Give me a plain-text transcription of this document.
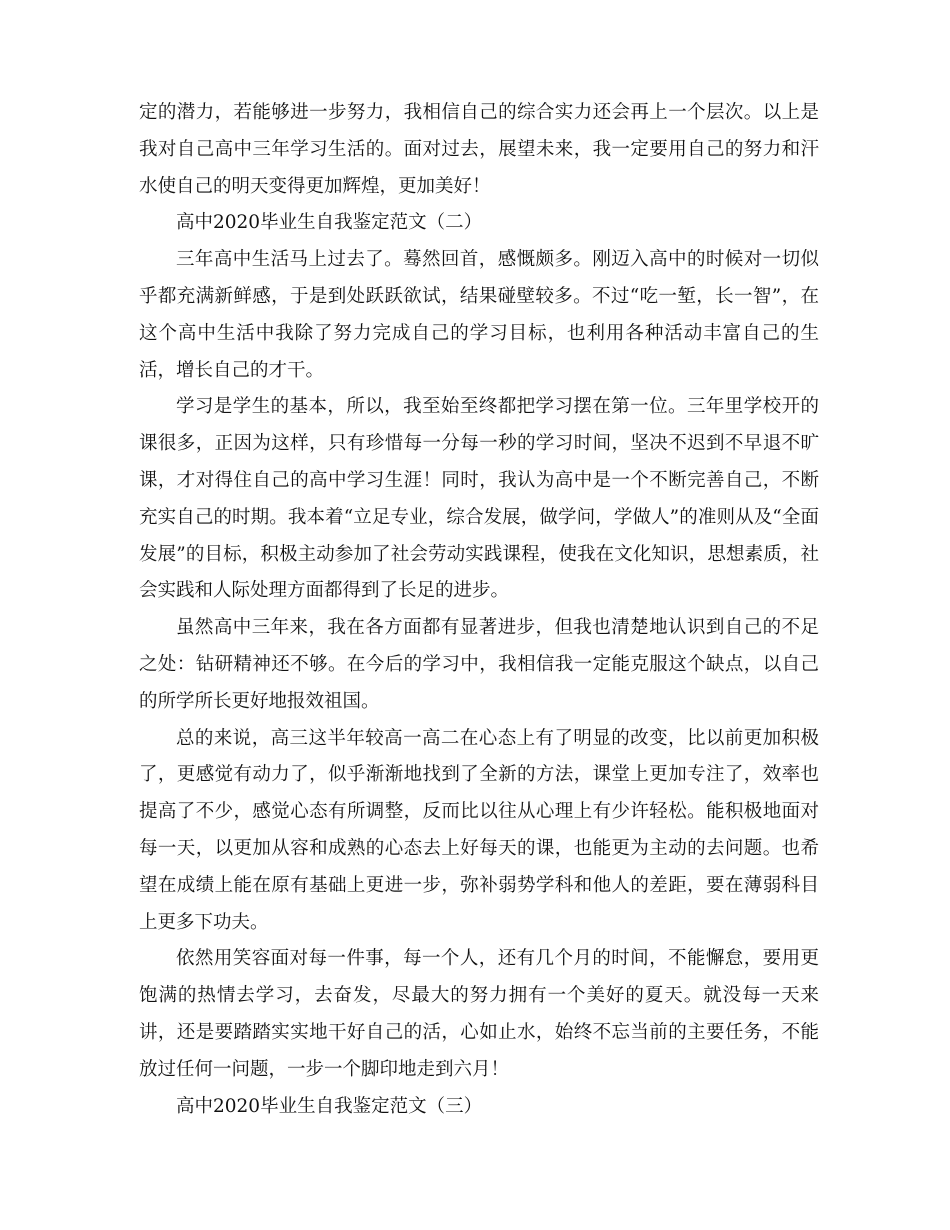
定的潜力，若能够进一步努力，我相信自己的综合实力还会再上一个层次。以上是我对自己高中三年学习生活的。面对过去，展望未来，我一定要用自己的努力和汗水使自己的明天变得更加辉煌，更加美好！

高中2020毕业生自我鉴定范文（二）

三年高中生活马上过去了。蓦然回首，感慨颇多。刚迈入高中的时候对一切似乎都充满新鲜感，于是到处跃跃欲试，结果碰壁较多。不过“吃一堑，长一智”，在这个高中生活中我除了努力完成自己的学习目标，也利用各种活动丰富自己的生活，增长自己的才干。

学习是学生的基本，所以，我至始至终都把学习摆在第一位。三年里学校开的课很多，正因为这样，只有珍惜每一分每一秒的学习时间，坚决不迟到不早退不旷课，才对得住自己的高中学习生涯！同时，我认为高中是一个不断完善自己，不断充实自己的时期。我本着“立足专业，综合发展，做学问，学做人”的准则从及“全面发展”的目标，积极主动参加了社会劳动实践课程，使我在文化知识，思想素质，社会实践和人际处理方面都得到了长足的进步。

虽然高中三年来，我在各方面都有显著进步，但我也清楚地认识到自己的不足之处：钻研精神还不够。在今后的学习中，我相信我一定能克服这个缺点，以自己的所学所长更好地报效祖国。

总的来说，高三这半年较高一高二在心态上有了明显的改变，比以前更加积极了，更感觉有动力了，似乎渐渐地找到了全新的方法，课堂上更加专注了，效率也提高了不少，感觉心态有所调整，反而比以往从心理上有少许轻松。能积极地面对每一天，以更加从容和成熟的心态去上好每天的课，也能更为主动的去问题。也希望在成绩上能在原有基础上更进一步，弥补弱势学科和他人的差距，要在薄弱科目上更多下功夫。

依然用笑容面对每一件事，每一个人，还有几个月的时间，不能懈怠，要用更饱满的热情去学习，去奋发，尽最大的努力拥有一个美好的夏天。就没每一天来讲，还是要踏踏实实地干好自己的活，心如止水，始终不忘当前的主要任务，不能放过任何一问题，一步一个脚印地走到六月！

高中2020毕业生自我鉴定范文（三）
